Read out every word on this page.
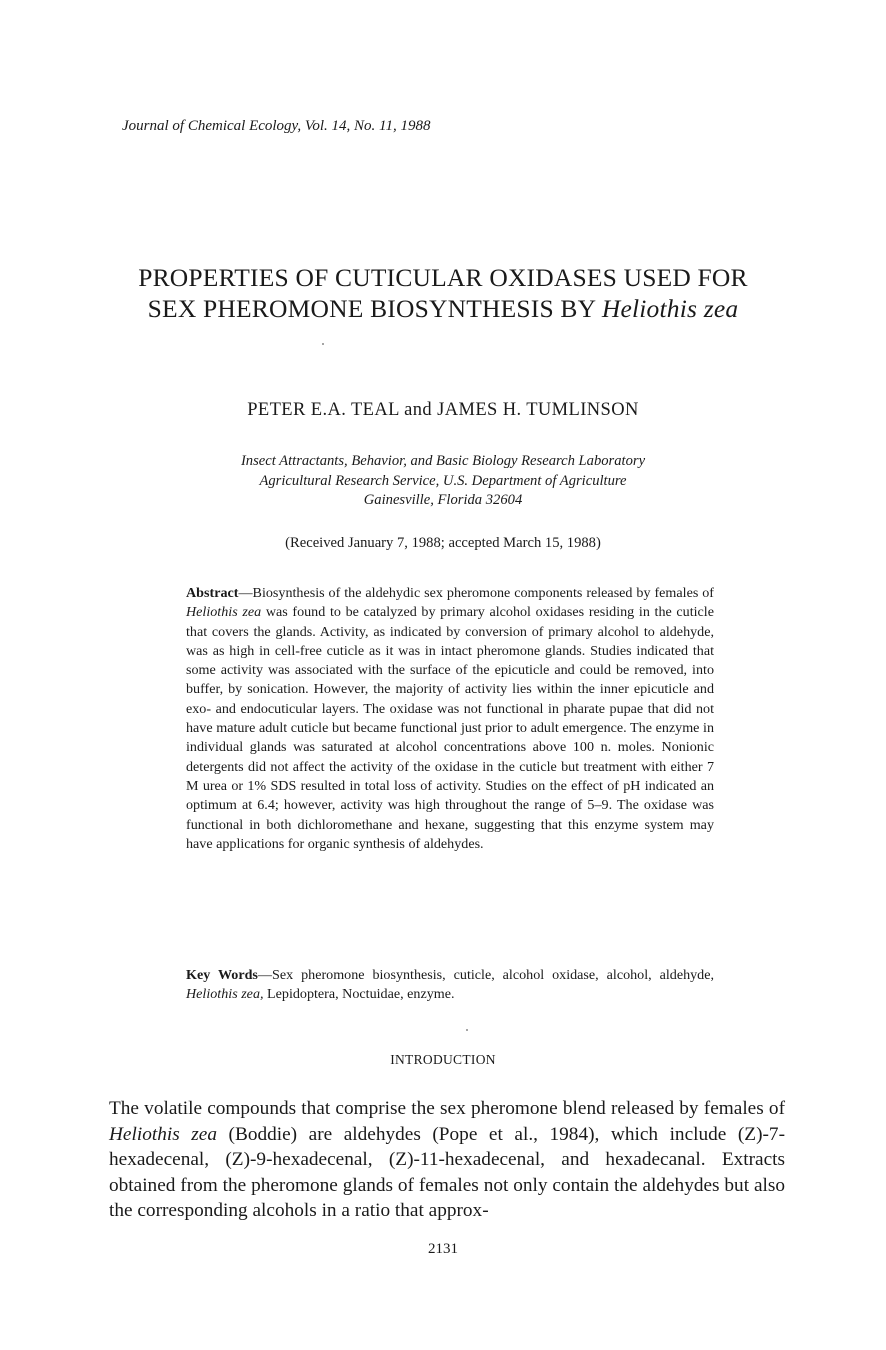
Journal of Chemical Ecology, Vol. 14, No. 11, 1988
PROPERTIES OF CUTICULAR OXIDASES USED FOR
SEX PHEROMONE BIOSYNTHESIS BY Heliothis zea
PETER E.A. TEAL and JAMES H. TUMLINSON
Insect Attractants, Behavior, and Basic Biology Research Laboratory
Agricultural Research Service, U.S. Department of Agriculture
Gainesville, Florida 32604
(Received January 7, 1988; accepted March 15, 1988)

Abstract—Biosynthesis of the aldehydic sex pheromone components released by females of Heliothis zea was found to be catalyzed by primary alcohol oxidases residing in the cuticle that covers the glands. Activity, as indicated by conversion of primary alcohol to aldehyde, was as high in cell-free cuticle as it was in intact pheromone glands. Studies indicated that some activity was associated with the surface of the epicuticle and could be removed, into buffer, by sonication. However, the majority of activity lies within the inner epicuticle and exo- and endocuticular layers. The oxidase was not functional in pharate pupae that did not have mature adult cuticle but became functional just prior to adult emergence. The enzyme in individual glands was saturated at alcohol concentrations above 100 n. moles. Nonionic detergents did not affect the activity of the oxidase in the cuticle but treatment with either 7 M urea or 1% SDS resulted in total loss of activity. Studies on the effect of pH indicated an optimum at 6.4; however, activity was high throughout the range of 5–9. The oxidase was functional in both dichloromethane and hexane, suggesting that this enzyme system may have applications for organic synthesis of aldehydes.

Key Words—Sex pheromone biosynthesis, cuticle, alcohol oxidase, alcohol, aldehyde, Heliothis zea, Lepidoptera, Noctuidae, enzyme.

INTRODUCTION

The volatile compounds that comprise the sex pheromone blend released by females of Heliothis zea (Boddie) are aldehydes (Pope et al., 1984), which include (Z)-7-hexadecenal, (Z)-9-hexadecenal, (Z)-11-hexadecenal, and hexadecanal. Extracts obtained from the pheromone glands of females not only contain the aldehydes but also the corresponding alcohols in a ratio that approx-

2131
